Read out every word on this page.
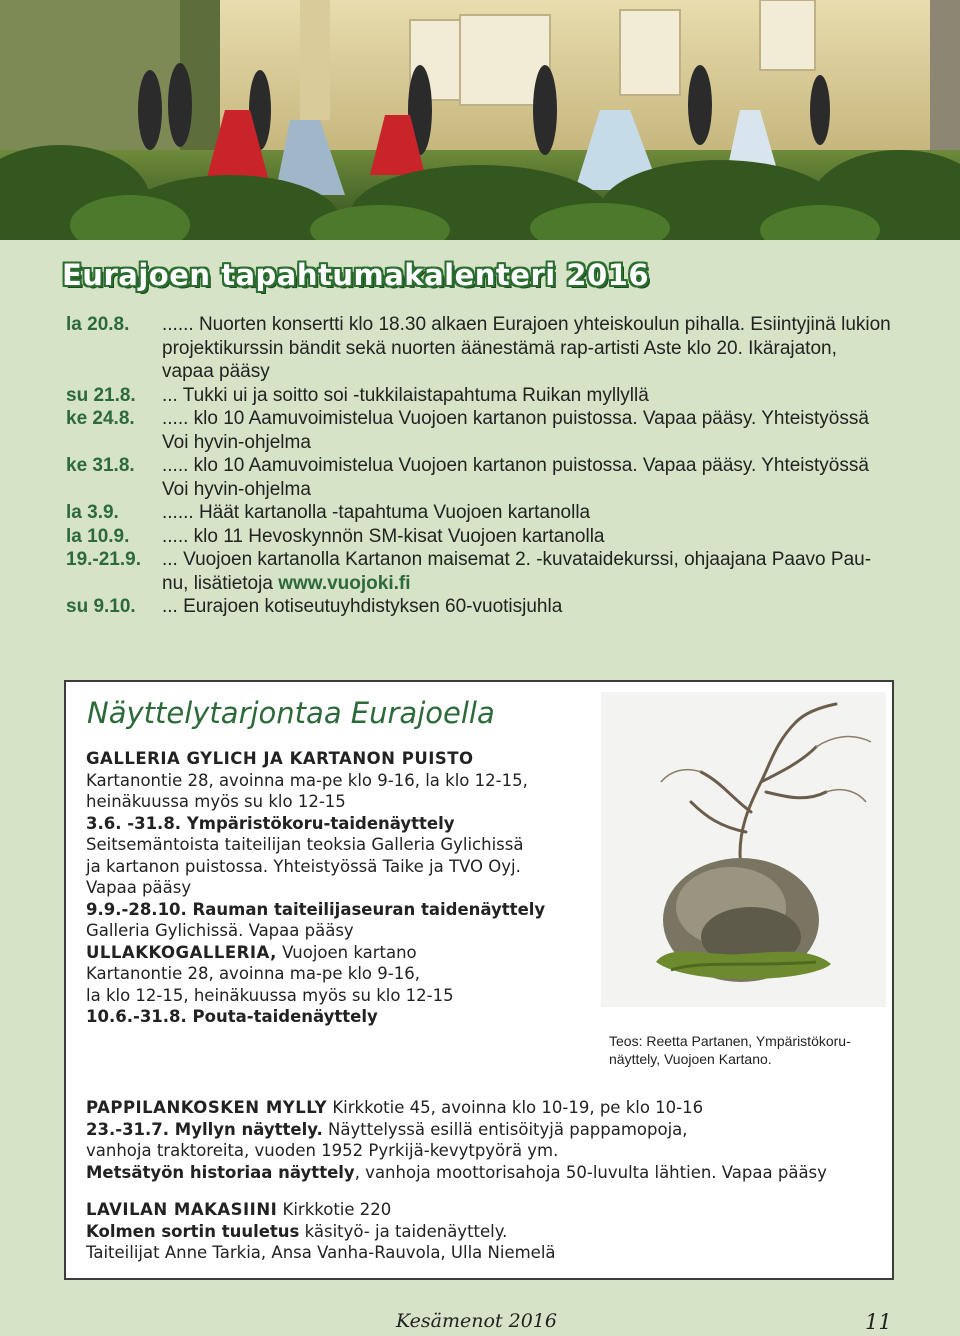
Eurajoen tapahtumakalenteri 2016
la 20.8.	...... Nuorten konsertti klo 18.30 alkaen Eurajoen yhteiskoulun pihalla. Esiintyjinä lukion
projektikurssin bändit sekä nuorten äänestämä rap-artisti Aste klo 20. Ikärajaton,
vapaa pääsy
su 21.8.	... Tukki ui ja soitto soi -tukkilaistapahtuma Ruikan myllyllä
ke 24.8.	..... klo 10 Aamuvoimistelua Vuojoen kartanon puistossa. Vapaa pääsy. Yhteistyössä
Voi hyvin-ohjelma
ke 31.8.	..... klo 10 Aamuvoimistelua Vuojoen kartanon puistossa. Vapaa pääsy. Yhteistyössä
Voi hyvin-ohjelma
la 3.9.	...... Häät kartanolla -tapahtuma Vuojoen kartanolla
la 10.9.	..... klo 11 Hevoskynnön SM-kisat Vuojoen kartanolla
19.-21.9.	... Vuojoen kartanolla Kartanon maisemat 2. -kuvataidekurssi, ohjaajana Paavo Pau-
nu, lisätietoja www.vuojoki.fi
su 9.10.	... Eurajoen kotiseutuyhdistyksen 60-vuotisjuhla
Näyttelytarjontaa Eurajoella

GALLERIA GYLICH JA KARTANON PUISTO

Kartanontie 28, avoinna ma-pe klo 9-16, la klo 12-15,

heinäkuussa myös su klo 12-15

3.6. -31.8. Ympäristökoru-taidenäyttely

Seitsemäntoista taiteilijan teoksia Galleria Gylichissä

ja kartanon puistossa. Yhteistyössä Taike ja TVO Oyj.

Vapaa pääsy

9.9.-28.10. Rauman taiteilijaseuran taidenäyttely

Galleria Gylichissä. Vapaa pääsy

ULLAKKOGALLERIA, Vuojoen kartano

Kartanontie 28, avoinna ma-pe klo 9-16,

la klo 12-15, heinäkuussa myös su klo 12-15

10.6.-31.8. Pouta-taidenäyttely

Teos: Reetta Partanen, Ympäristökoru-
näyttely, Vuojoen Kartano.

PAPPILANKOSKEN MYLLY Kirkkotie 45, avoinna klo 10-19, pe klo 10-16

23.-31.7. Myllyn näyttely. Näyttelyssä esillä entisöityjä pappamopoja,

vanhoja traktoreita, vuoden 1952 Pyrkijä-kevytpyörä ym.

Metsätyön historiaa näyttely, vanhoja moottorisahoja 50-luvulta lähtien. Vapaa pääsy

LAVILAN MAKASIINI Kirkkotie 220

Kolmen sortin tuuletus käsityö- ja taidenäyttely.

Taiteilijat Anne Tarkia, Ansa Vanha-Rauvola, Ulla Niemelä

Kesämenot 2016	11
